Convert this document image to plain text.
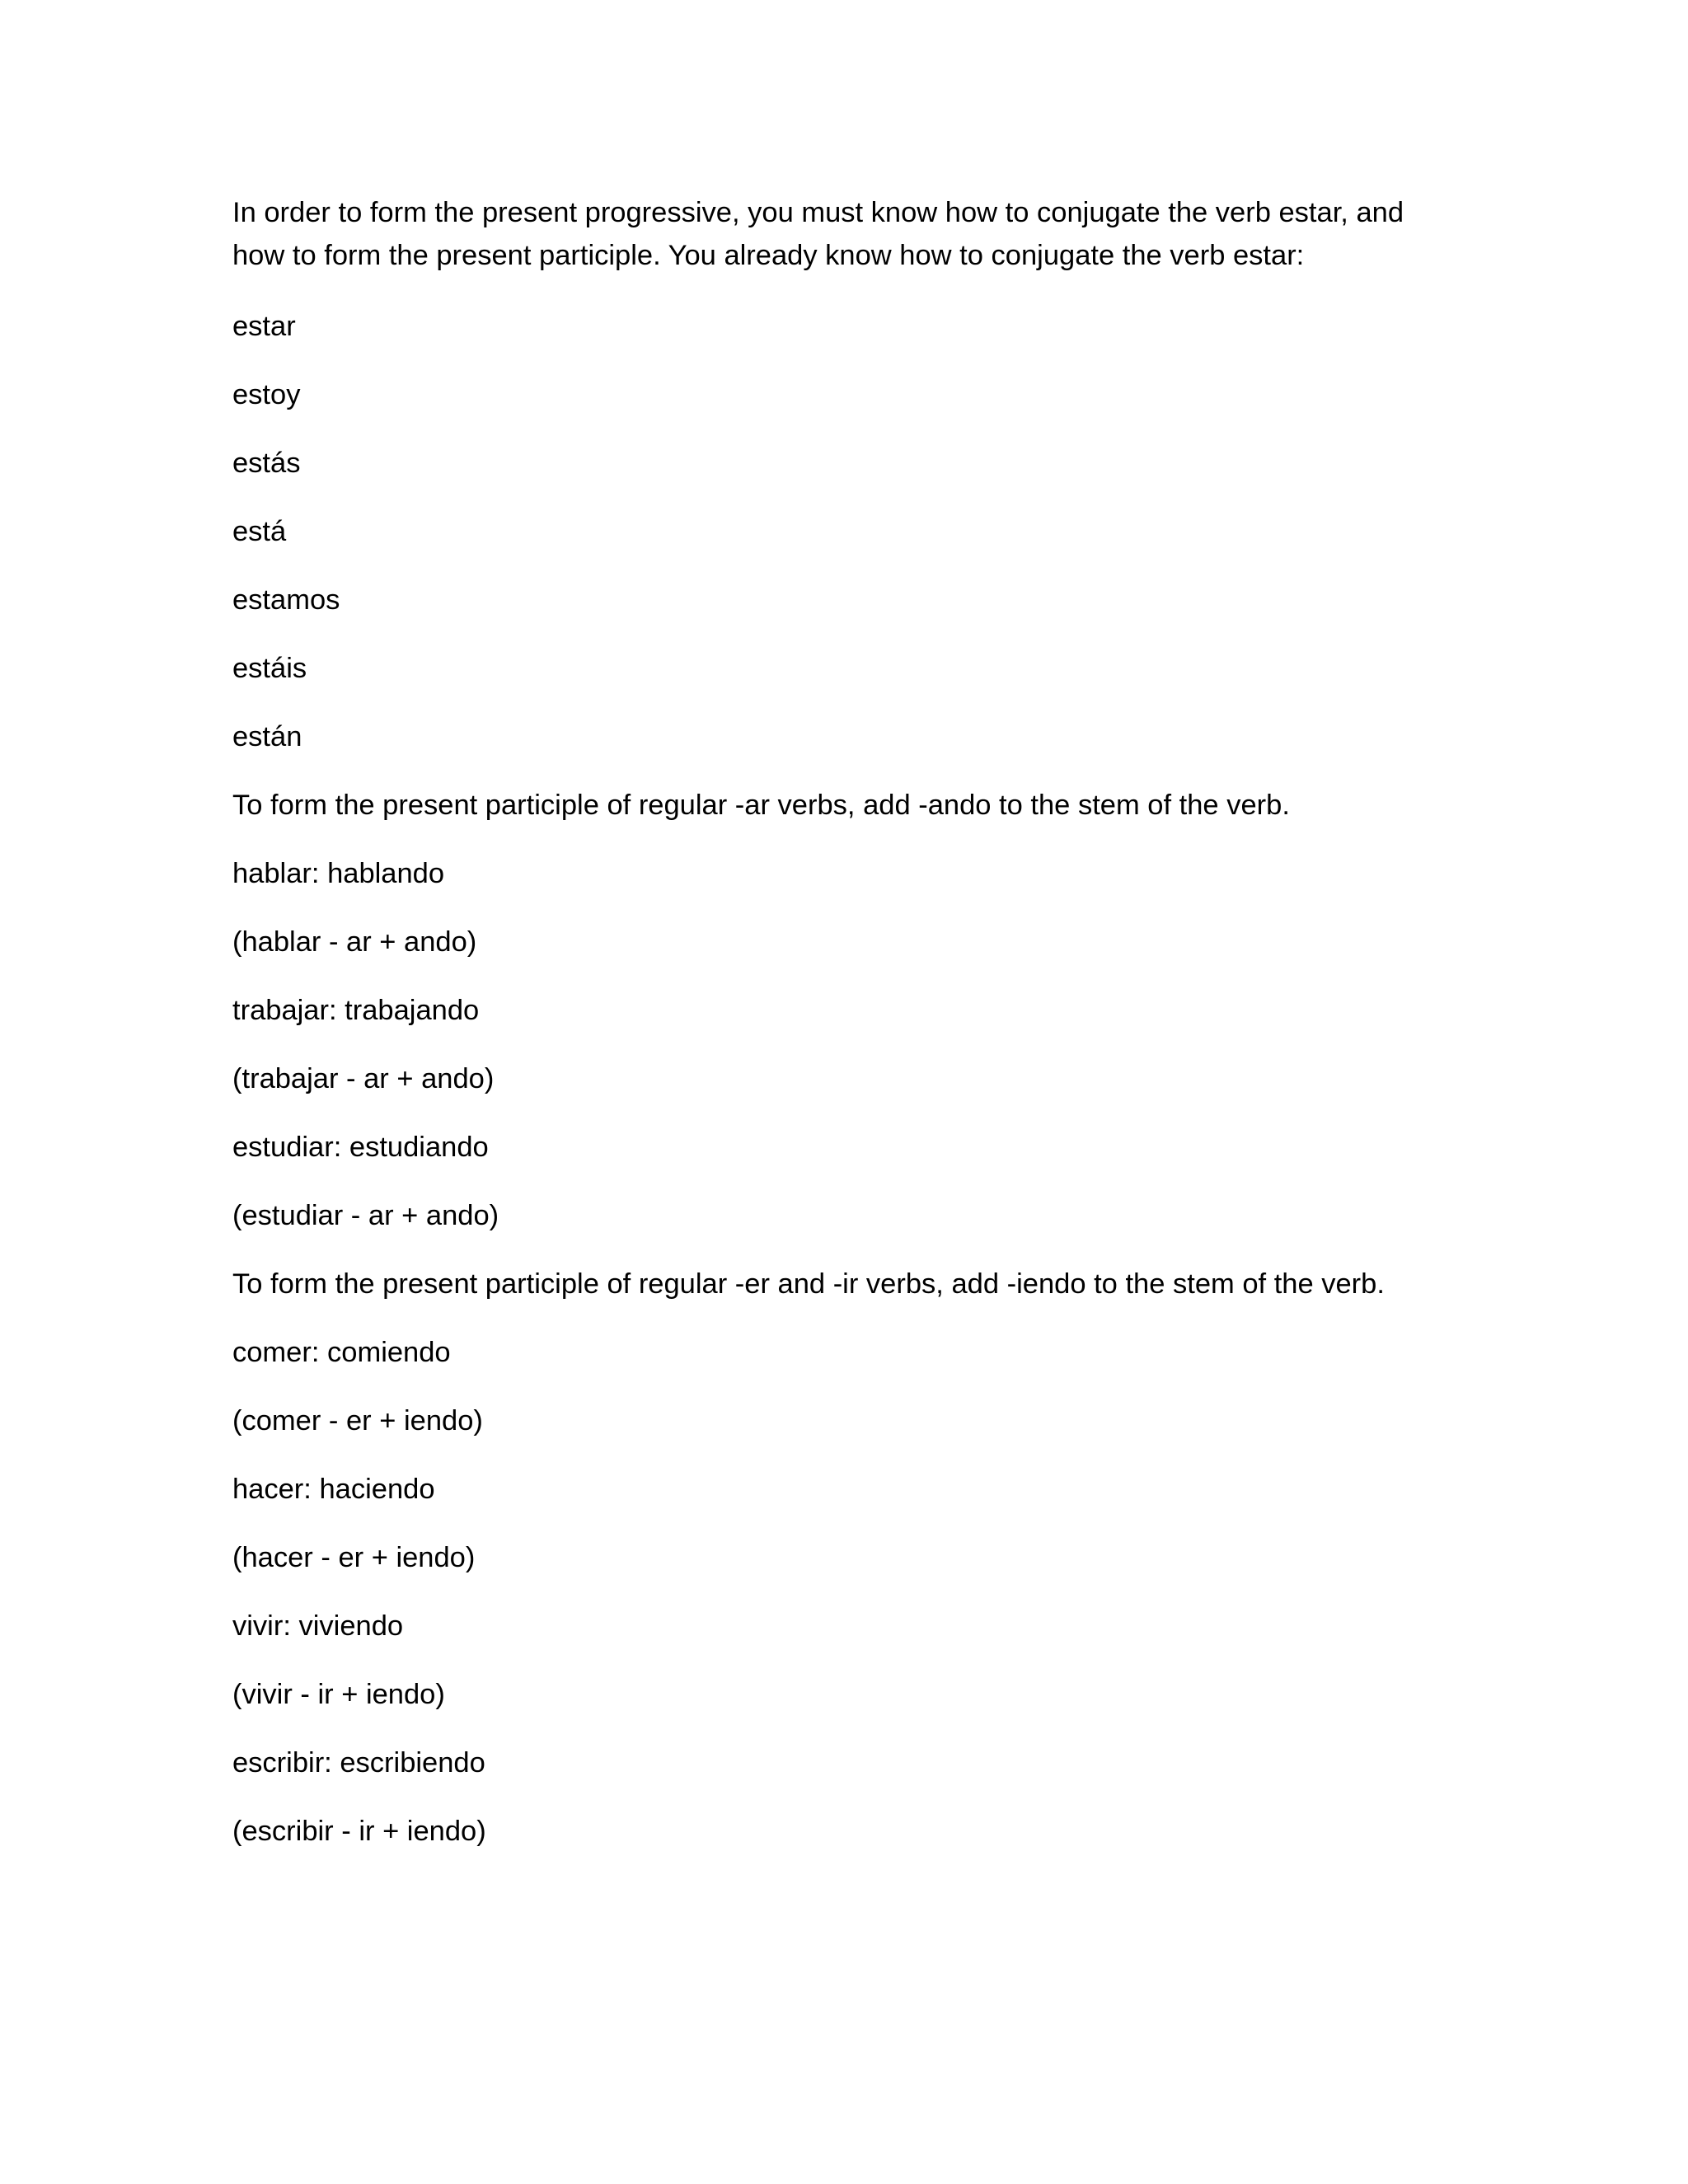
In order to form the present progressive, you must know how to conjugate the verb estar, and how to form the present participle. You already know how to conjugate the verb estar:

estar

estoy

estás

está

estamos

estáis

están

To form the present participle of regular -ar verbs, add -ando to the stem of the verb.

hablar: hablando

(hablar - ar + ando)

trabajar: trabajando

(trabajar - ar + ando)

estudiar: estudiando

(estudiar - ar + ando)

To form the present participle of regular -er and -ir verbs, add -iendo to the stem of the verb.

comer: comiendo

(comer - er + iendo)

hacer: haciendo

(hacer - er + iendo)

vivir: viviendo

(vivir - ir + iendo)

escribir: escribiendo

(escribir - ir + iendo)
